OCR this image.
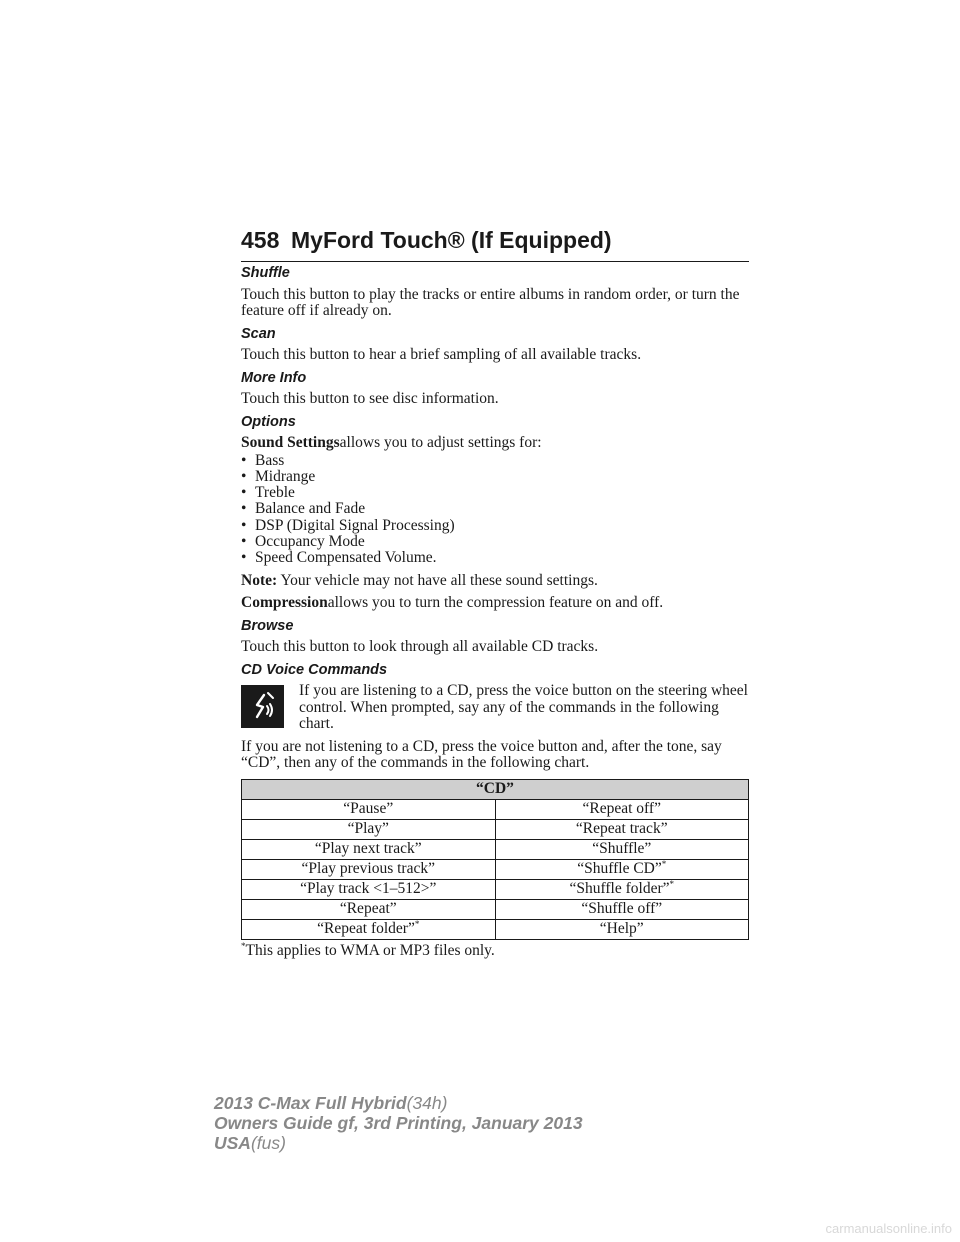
458 MyFord Touch® (If Equipped)
Shuffle

Touch this button to play the tracks or entire albums in random order, or turn the feature off if already on.

Scan

Touch this button to hear a brief sampling of all available tracks.

More Info

Touch this button to see disc information.

Options

Sound Settingsallows you to adjust settings for:

• Bass
• Midrange
• Treble
• Balance and Fade
• DSP (Digital Signal Processing)
• Occupancy Mode
• Speed Compensated Volume.

Note: Your vehicle may not have all these sound settings.

Compressionallows you to turn the compression feature on and off.

Browse

Touch this button to look through all available CD tracks.

CD Voice Commands
If you are listening to a CD, press the voice button on the steering wheel control. When prompted, say any of the commands in the following chart.

If you are not listening to a CD, press the voice button and, after the tone, say “CD”, then any of the commands in the following chart.

“CD”	
“Pause”	“Repeat off”
“Play”	“Repeat track”
“Play next track”	“Shuffle”
“Play previous track”	“Shuffle CD”*
“Play track <1–512>”	“Shuffle folder”*
“Repeat”	“Shuffle off”
“Repeat folder”*	“Help”

*This applies to WMA or MP3 files only.

2013 C-Max Full Hybrid(34h)
Owners Guide gf, 3rd Printing, January 2013
USA(fus)
carmanualsonline.info
